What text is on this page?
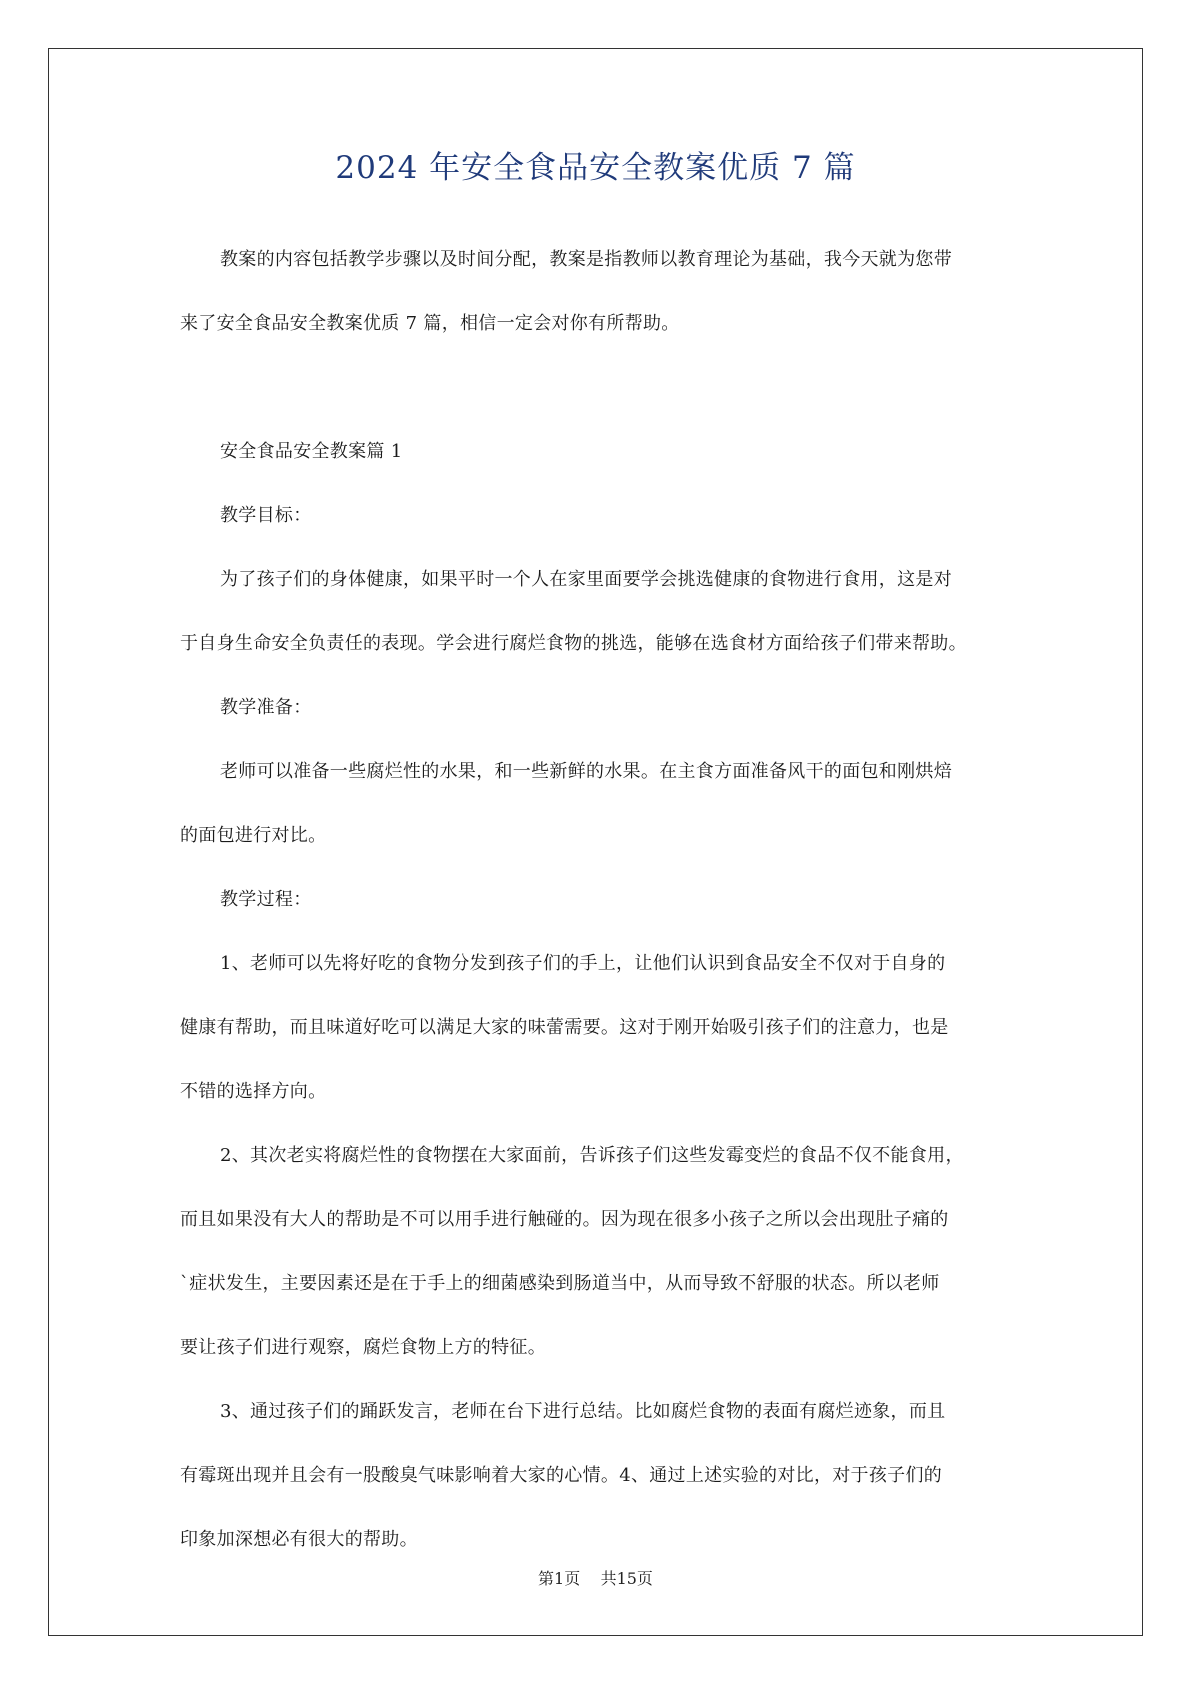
2024 年安全食品安全教案优质 7 篇
教案的内容包括教学步骤以及时间分配，教案是指教师以教育理论为基础，我今天就为您带
来了安全食品安全教案优质 7 篇，相信一定会对你有所帮助。
安全食品安全教案篇 1
教学目标：
为了孩子们的身体健康，如果平时一个人在家里面要学会挑选健康的食物进行食用，这是对
于自身生命安全负责任的表现。学会进行腐烂食物的挑选，能够在选食材方面给孩子们带来帮助。
教学准备：
老师可以准备一些腐烂性的水果，和一些新鲜的水果。在主食方面准备风干的面包和刚烘焙
的面包进行对比。
教学过程：
1、老师可以先将好吃的食物分发到孩子们的手上，让他们认识到食品安全不仅对于自身的
健康有帮助，而且味道好吃可以满足大家的味蕾需要。这对于刚开始吸引孩子们的注意力，也是
不错的选择方向。
2、其次老实将腐烂性的食物摆在大家面前，告诉孩子们这些发霉变烂的食品不仅不能食用，
而且如果没有大人的帮助是不可以用手进行触碰的。因为现在很多小孩子之所以会出现肚子痛的
`症状发生，主要因素还是在于手上的细菌感染到肠道当中，从而导致不舒服的状态。所以老师
要让孩子们进行观察，腐烂食物上方的特征。
3、通过孩子们的踊跃发言，老师在台下进行总结。比如腐烂食物的表面有腐烂迹象，而且
有霉斑出现并且会有一股酸臭气味影响着大家的心情。4、通过上述实验的对比，对于孩子们的
印象加深想必有很大的帮助。
第1页    共15页
